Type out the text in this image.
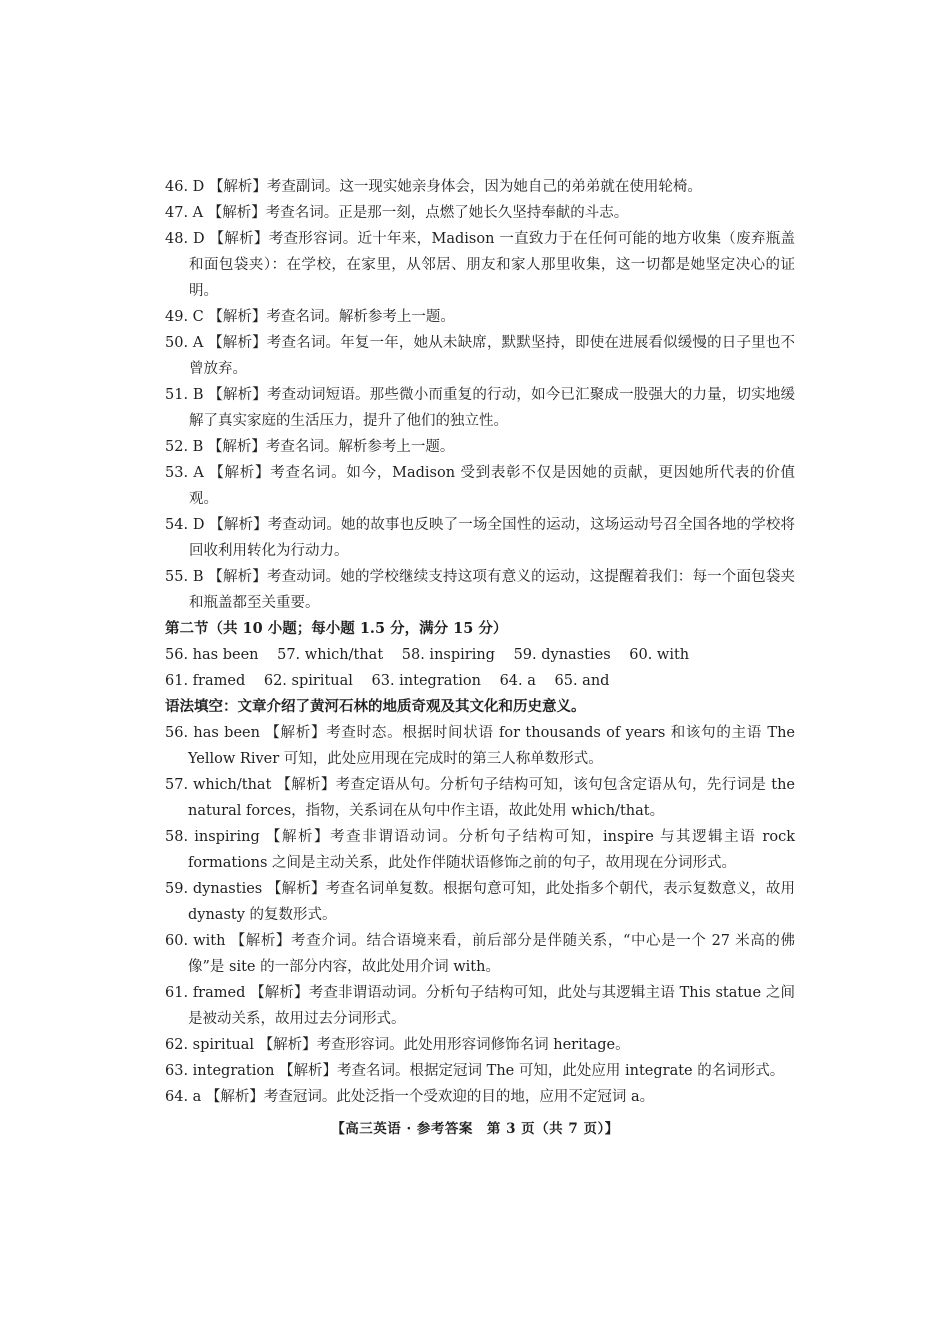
46. D 【解析】考查副词。这一现实她亲身体会，因为她自己的弟弟就在使用轮椅。

47. A 【解析】考查名词。正是那一刻，点燃了她长久坚持奉献的斗志。

48. D 【解析】考查形容词。近十年来，Madison 一直致力于在任何可能的地方收集（废弃瓶盖和面包袋夹）：在学校，在家里，从邻居、朋友和家人那里收集，这一切都是她坚定决心的证明。

49. C 【解析】考查名词。解析参考上一题。

50. A 【解析】考查名词。年复一年，她从未缺席，默默坚持，即使在进展看似缓慢的日子里也不曾放弃。

51. B 【解析】考查动词短语。那些微小而重复的行动，如今已汇聚成一股强大的力量，切实地缓解了真实家庭的生活压力，提升了他们的独立性。

52. B 【解析】考查名词。解析参考上一题。

53. A 【解析】考查名词。如今，Madison 受到表彰不仅是因她的贡献，更因她所代表的价值观。

54. D 【解析】考查动词。她的故事也反映了一场全国性的运动，这场运动号召全国各地的学校将回收利用转化为行动力。

55. B 【解析】考查动词。她的学校继续支持这项有意义的运动，这提醒着我们：每一个面包袋夹和瓶盖都至关重要。

第二节（共 10 小题；每小题 1.5 分，满分 15 分）

56. has been 57. which/that 58. inspiring 59. dynasties 60. with

61. framed 62. spiritual 63. integration 64. a 65. and

语法填空：文章介绍了黄河石林的地质奇观及其文化和历史意义。

56. has been 【解析】考查时态。根据时间状语 for thousands of years 和该句的主语 The Yellow River 可知，此处应用现在完成时的第三人称单数形式。

57. which/that 【解析】考查定语从句。分析句子结构可知，该句包含定语从句，先行词是 the natural forces，指物，关系词在从句中作主语，故此处用 which/that。

58. inspiring 【解析】考查非谓语动词。分析句子结构可知，inspire 与其逻辑主语 rock formations 之间是主动关系，此处作伴随状语修饰之前的句子，故用现在分词形式。

59. dynasties 【解析】考查名词单复数。根据句意可知，此处指多个朝代，表示复数意义，故用 dynasty 的复数形式。

60. with 【解析】考查介词。结合语境来看，前后部分是伴随关系，“中心是一个 27 米高的佛像”是 site 的一部分内容，故此处用介词 with。

61. framed 【解析】考查非谓语动词。分析句子结构可知，此处与其逻辑主语 This statue 之间是被动关系，故用过去分词形式。

62. spiritual 【解析】考查形容词。此处用形容词修饰名词 heritage。

63. integration 【解析】考查名词。根据定冠词 The 可知，此处应用 integrate 的名词形式。

64. a 【解析】考查冠词。此处泛指一个受欢迎的目的地，应用不定冠词 a。

【高三英语 · 参考答案　第 3 页（共 7 页）】
